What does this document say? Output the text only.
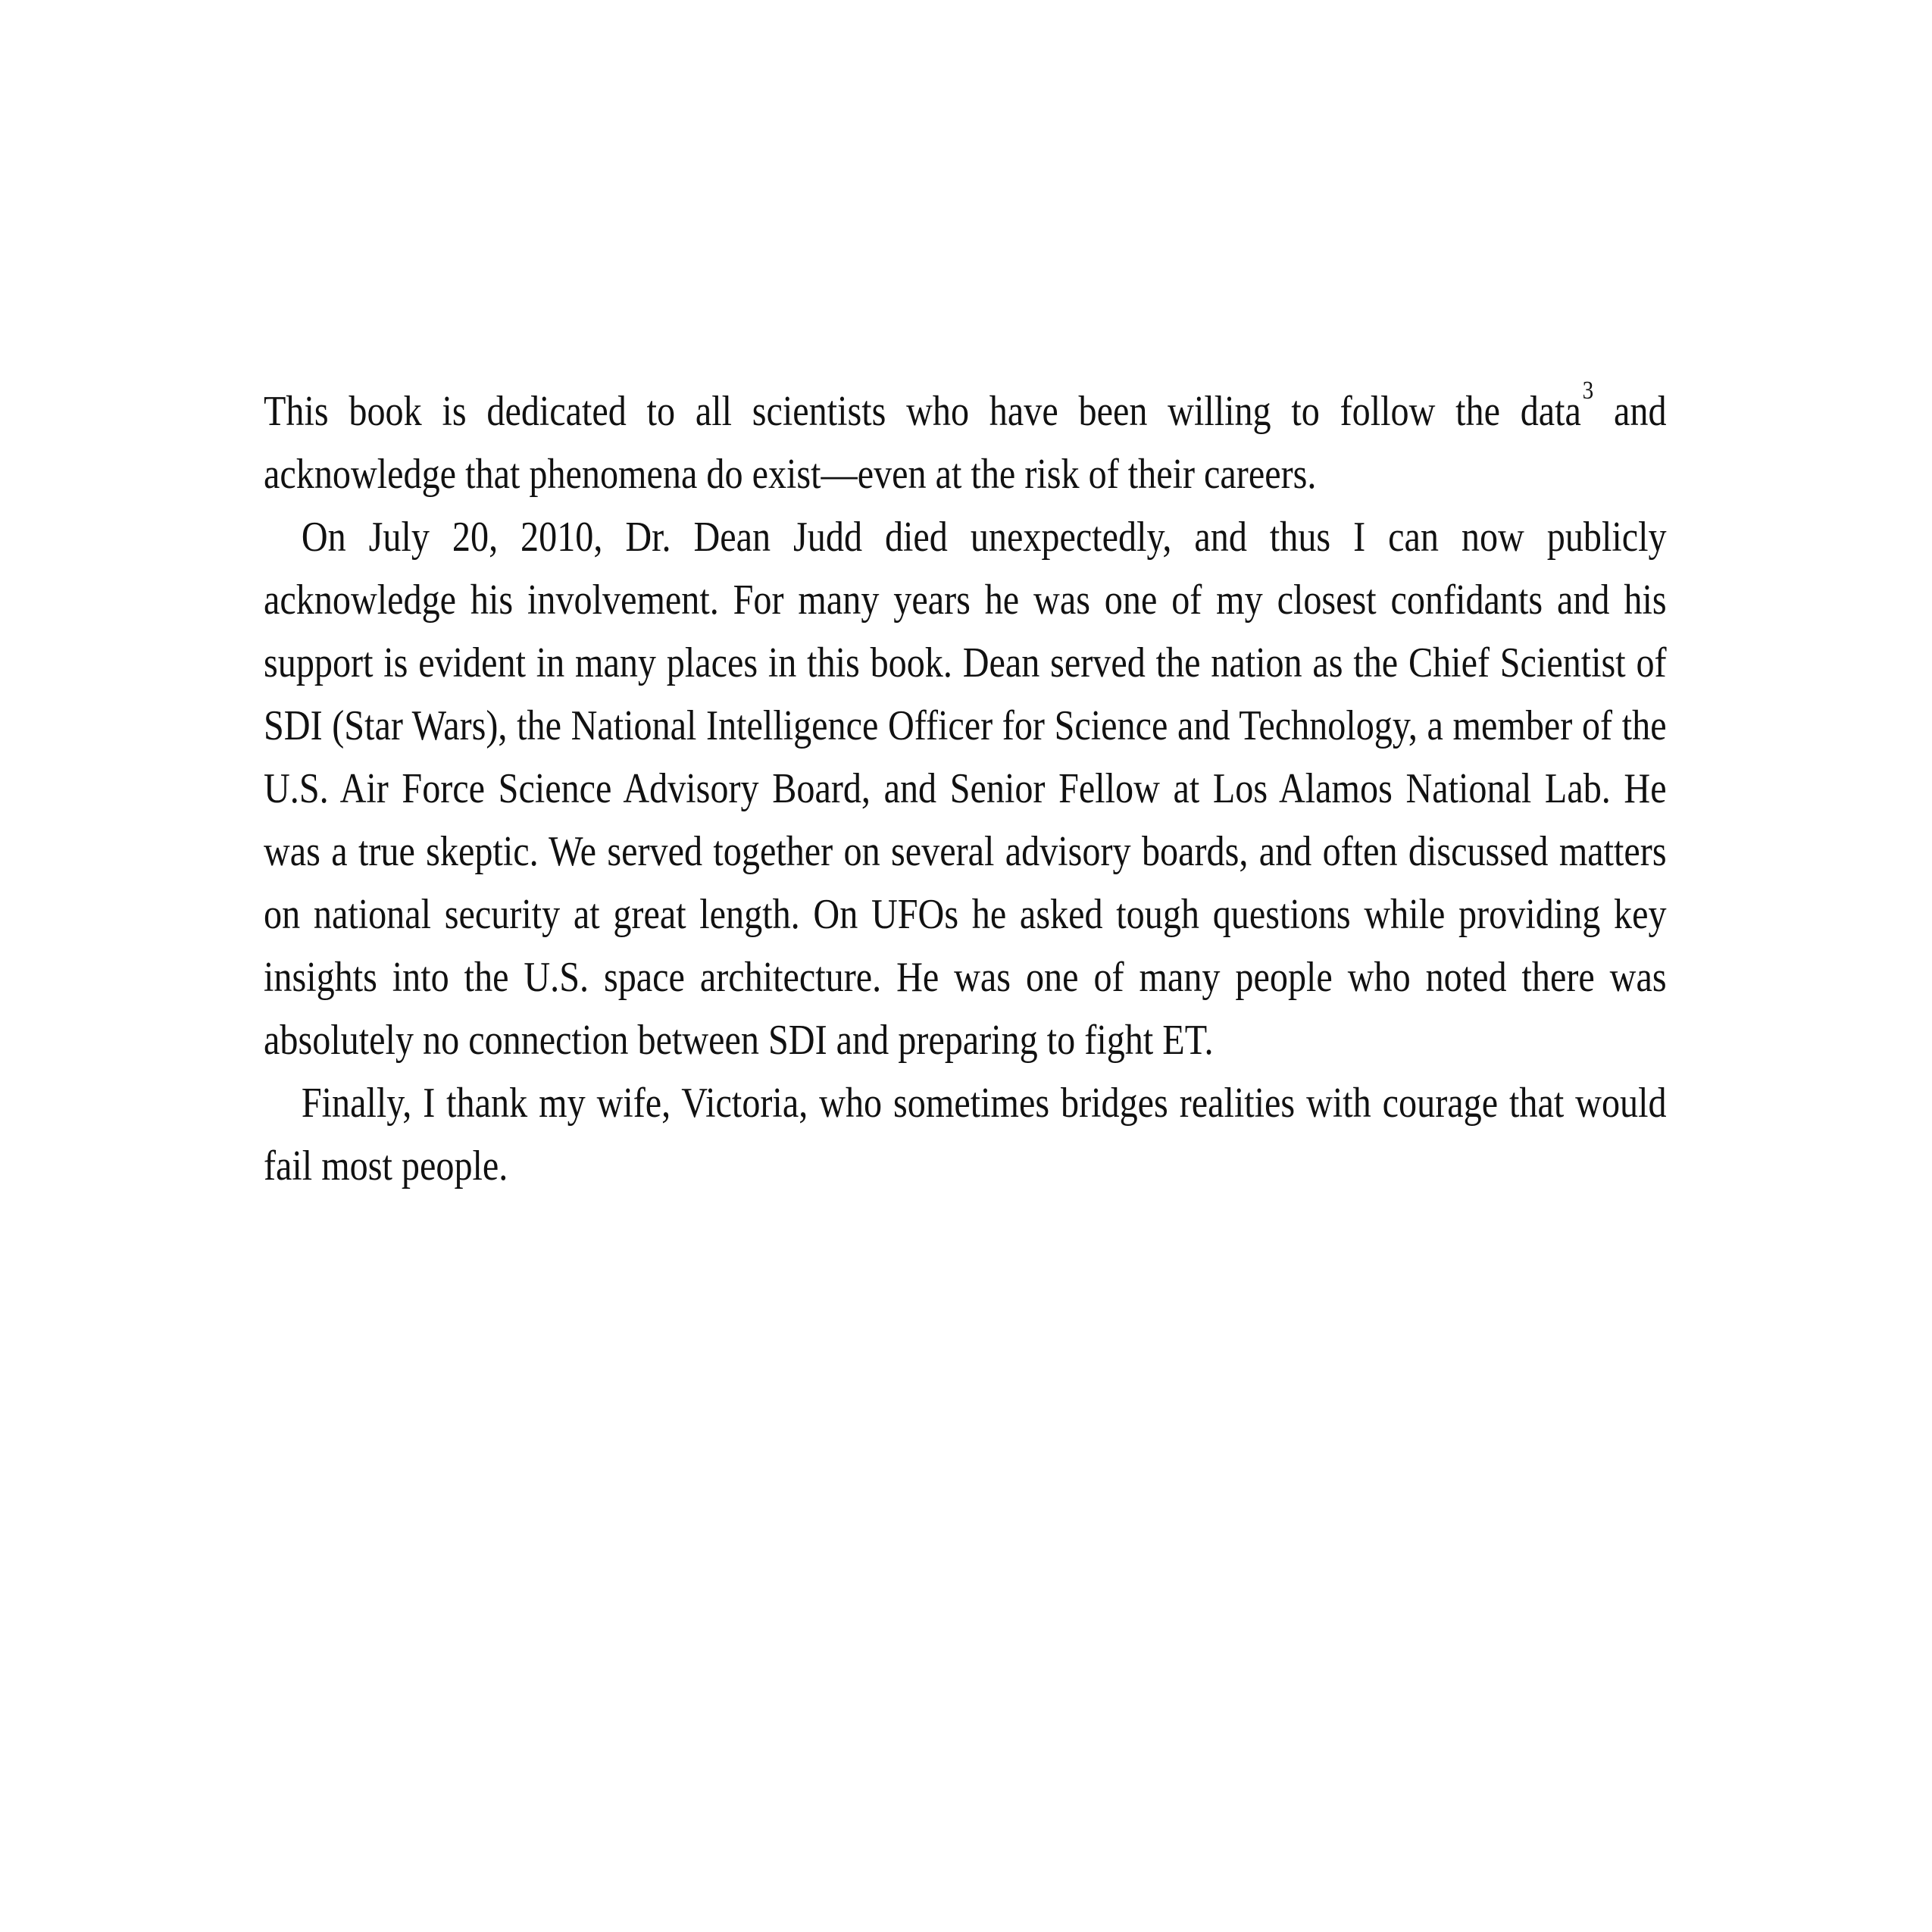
This book is dedicated to all scientists who have been willing to follow the data$^3$ and acknowledge that phenomena do exist—even at the risk of their careers.

On July 20, 2010, Dr. Dean Judd died unexpectedly, and thus I can now publicly acknowledge his involvement. For many years he was one of my closest confidants and his support is evident in many places in this book. Dean served the nation as the Chief Scientist of SDI (Star Wars), the National Intelligence Officer for Science and Technology, a member of the U.S. Air Force Science Advisory Board, and Senior Fellow at Los Alamos National Lab. He was a true skeptic. We served together on several advisory boards, and often discussed matters on national security at great length. On UFOs he asked tough questions while providing key insights into the U.S. space architecture. He was one of many people who noted there was absolutely no connection between SDI and preparing to fight ET.

Finally, I thank my wife, Victoria, who sometimes bridges realities with courage that would fail most people.
